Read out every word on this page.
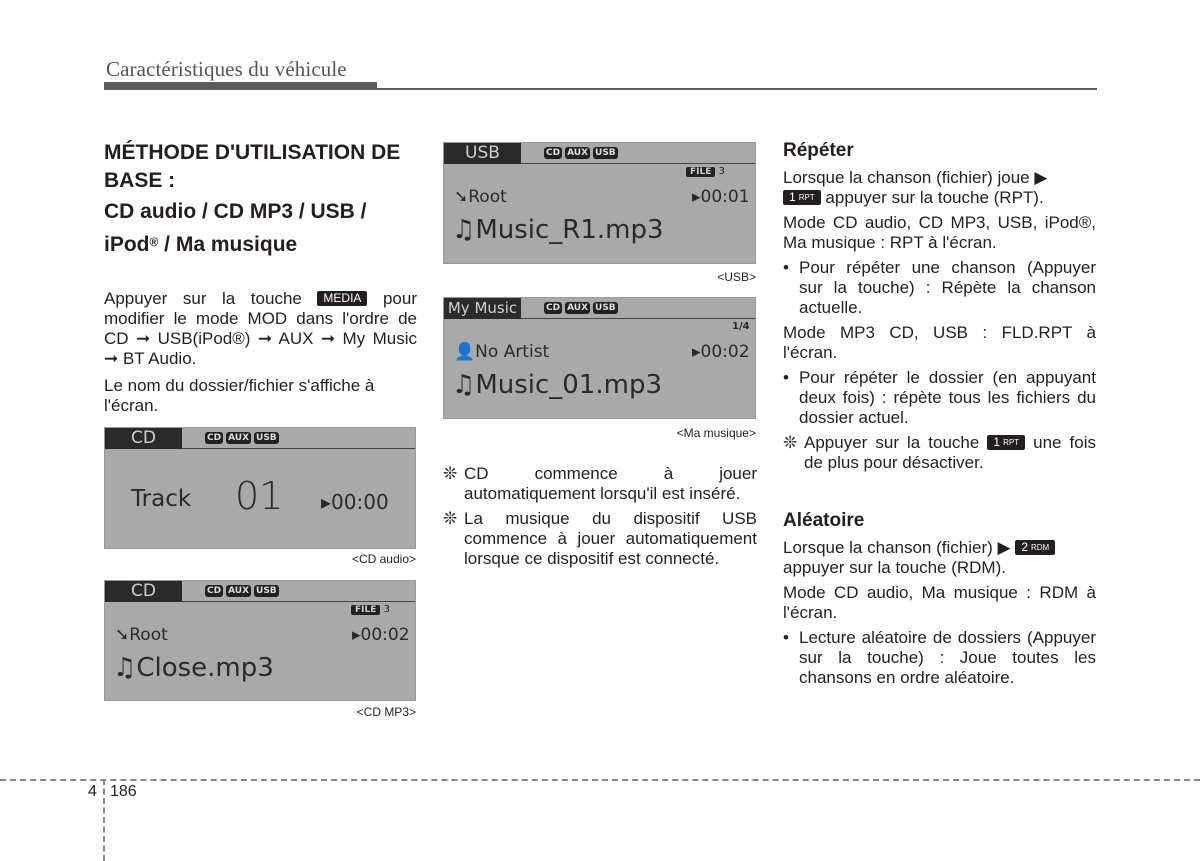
Caractéristiques du véhicule
MÉTHODE D'UTILISATION DE BASE :
CD audio / CD MP3 / USB /
iPod® / Ma musique

Appuyer sur la touche MEDIA pour modifier le mode MOD dans l'ordre de CD ➞ USB(iPod®) ➞ AUX ➞ My Music ➞ BT Audio.

Le nom du dossier/fichier s'affiche à l'écran.

CD	CD AUX USB
Track 01 ▸00:00
<CD audio>
CD	CD AUX USB
FILE 3
➘Root	▸00:02
♫Close.mp3
<CD MP3>
USB	CD AUX USB
FILE 3
➘Root	▸00:01
♫Music_R1.mp3
<USB>
My Music	CD AUX USB
1/4
👤No Artist	▸00:02
♫Music_01.mp3
<Ma musique>
❊ CD commence à jouer automatiquement lorsqu'il est inséré.
❊ La musique du dispositif USB commence à jouer automatiquement lorsque ce dispositif est connecté.
Répéter

Lorsque la chanson (fichier) joue ▶
1 RPT appuyer sur la touche (RPT).

Mode CD audio, CD MP3, USB, iPod®, Ma musique : RPT à l'écran.

• Pour répéter une chanson (Appuyer sur la touche) : Répète la chanson actuelle.

Mode MP3 CD, USB : FLD.RPT à l'écran.

• Pour répéter le dossier (en appuyant deux fois) : répète tous les fichiers du dossier actuel.
❊ Appuyer sur la touche 1 RPT une fois de plus pour désactiver.
Aléatoire

Lorsque la chanson (fichier) ▶ 2 RDM
appuyer sur la touche (RDM).

Mode CD audio, Ma musique : RDM à l'écran.

• Lecture aléatoire de dossiers (Appuyer sur la touche) : Joue toutes les chansons en ordre aléatoire.
4 186
